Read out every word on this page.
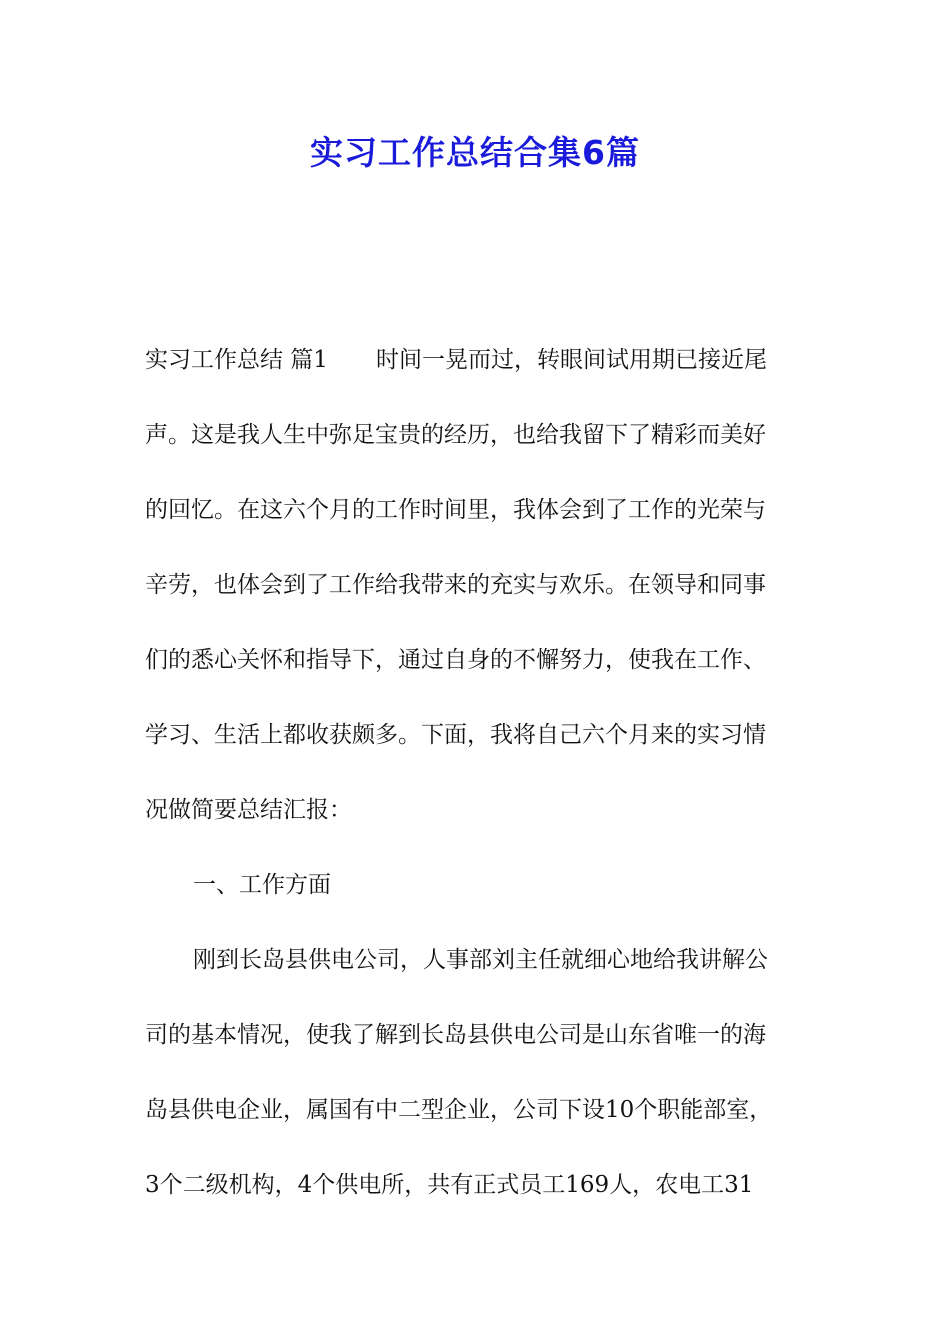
实习工作总结合集6篇
实习工作总结 篇1 时间一晃而过，转眼间试用期已接近尾
声。这是我人生中弥足宝贵的经历，也给我留下了精彩而美好
的回忆。在这六个月的工作时间里，我体会到了工作的光荣与
辛劳，也体会到了工作给我带来的充实与欢乐。在领导和同事
们的悉心关怀和指导下，通过自身的不懈努力，使我在工作、
学习、生活上都收获颇多。下面，我将自己六个月来的实习情
况做简要总结汇报：
一、工作方面
刚到长岛县供电公司，人事部刘主任就细心地给我讲解公
司的基本情况，使我了解到长岛县供电公司是山东省唯一的海
岛县供电企业，属国有中二型企业，公司下设10个职能部室，
3个二级机构，4个供电所，共有正式员工169人，农电工31
